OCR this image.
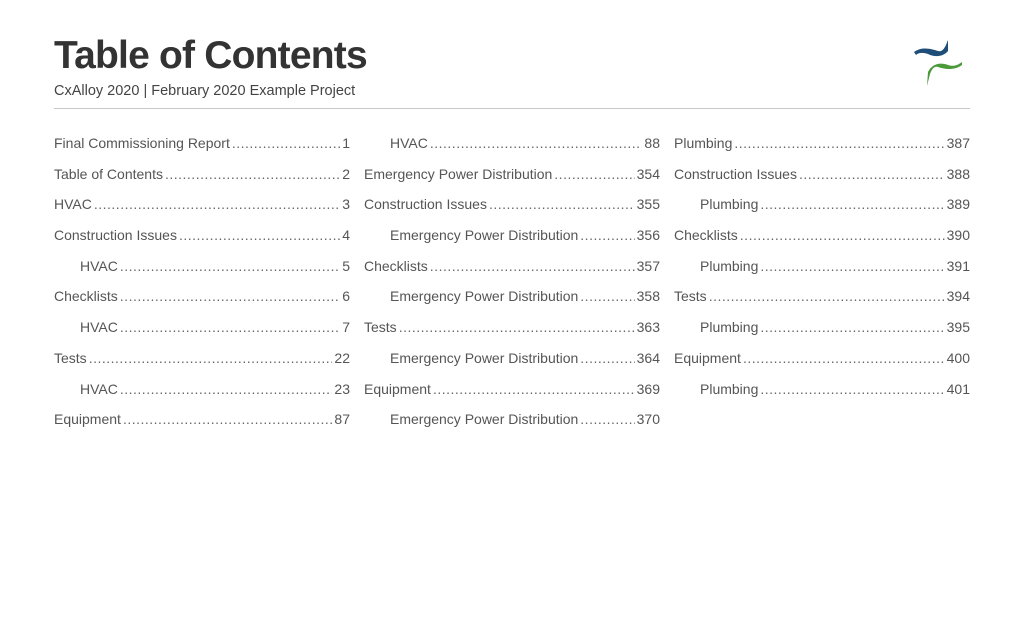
Table of Contents
CxAlloy 2020 | February 2020 Example Project
Final Commissioning Report .....	1
Table of Contents .....	2
HVAC .....	3
Construction Issues .....	4
HVAC .....	5
Checklists .....	6
HVAC .....	7
Tests .....	22
HVAC .....	23
Equipment .....	87
HVAC .....	88
Emergency Power Distribution .....	354
Construction Issues .....	355
Emergency Power Distribution .....	356
Checklists .....	357
Emergency Power Distribution .....	358
Tests .....	363
Emergency Power Distribution .....	364
Equipment .....	369
Emergency Power Distribution .....	370
Plumbing .....	387
Construction Issues .....	388
Plumbing .....	389
Checklists .....	390
Plumbing .....	391
Tests .....	394
Plumbing .....	395
Equipment .....	400
Plumbing .....	401
